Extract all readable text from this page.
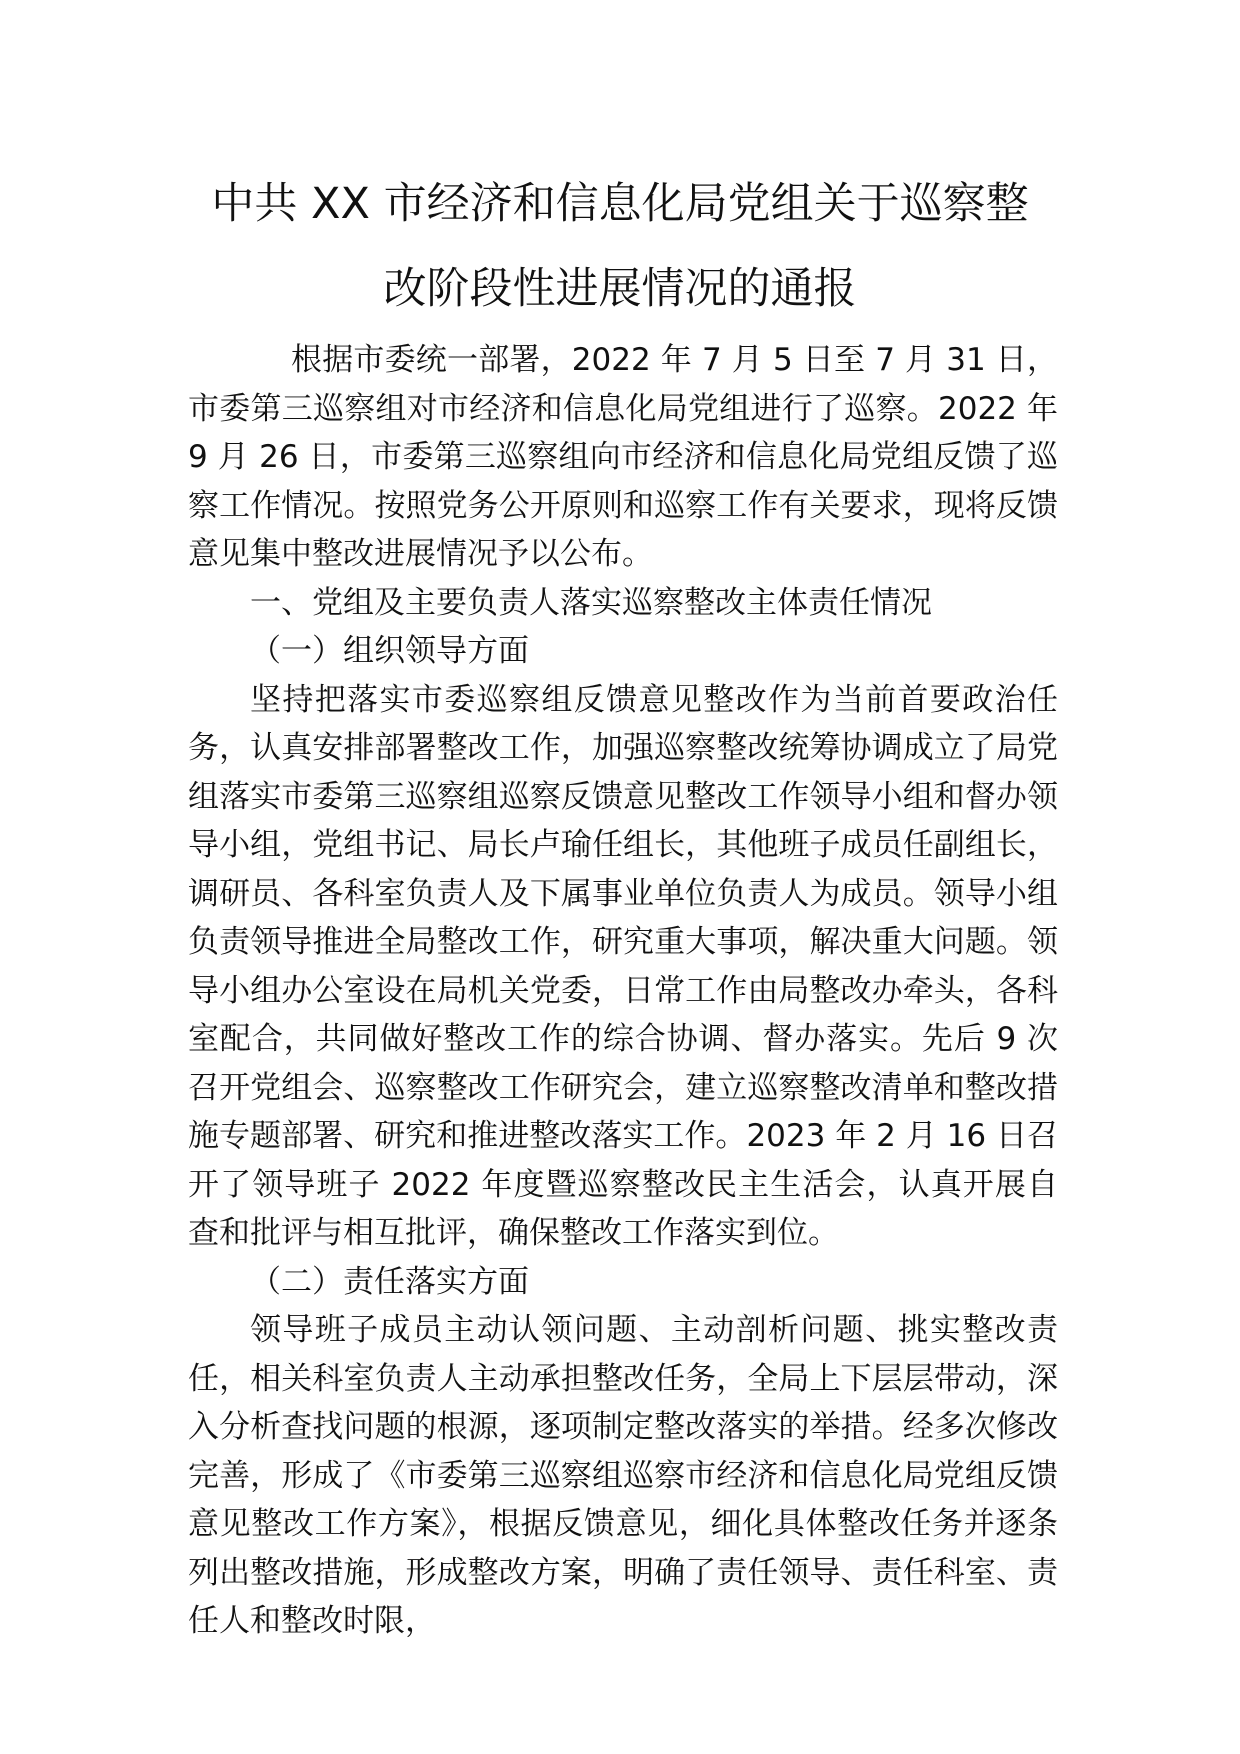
中共 XX 市经济和信息化局党组关于巡察整
改阶段性进展情况的通报

根据市委统一部署，2022 年 7 月 5 日至 7 月 31 日，市委第三巡察组对市经济和信息化局党组进行了巡察。2022 年 9 月 26 日，市委第三巡察组向市经济和信息化局党组反馈了巡察工作情况。按照党务公开原则和巡察工作有关要求，现将反馈意见集中整改进展情况予以公布。

一、党组及主要负责人落实巡察整改主体责任情况

（一）组织领导方面

坚持把落实市委巡察组反馈意见整改作为当前首要政治任务，认真安排部署整改工作，加强巡察整改统筹协调成立了局党组落实市委第三巡察组巡察反馈意见整改工作领导小组和督办领导小组，党组书记、局长卢瑜任组长，其他班子成员任副组长，调研员、各科室负责人及下属事业单位负责人为成员。领导小组负责领导推进全局整改工作，研究重大事项，解决重大问题。领导小组办公室设在局机关党委，日常工作由局整改办牵头，各科室配合，共同做好整改工作的综合协调、督办落实。先后 9 次召开党组会、巡察整改工作研究会，建立巡察整改清单和整改措施专题部署、研究和推进整改落实工作。2023 年 2 月 16 日召开了领导班子 2022 年度暨巡察整改民主生活会，认真开展自查和批评与相互批评，确保整改工作落实到位。

（二）责任落实方面

领导班子成员主动认领问题、主动剖析问题、挑实整改责任，相关科室负责人主动承担整改任务，全局上下层层带动，深入分析查找问题的根源，逐项制定整改落实的举措。经多次修改完善，形成了《市委第三巡察组巡察市经济和信息化局党组反馈意见整改工作方案》，根据反馈意见，细化具体整改任务并逐条列出整改措施，形成整改方案，明确了责任领导、责任科室、责任人和整改时限，
